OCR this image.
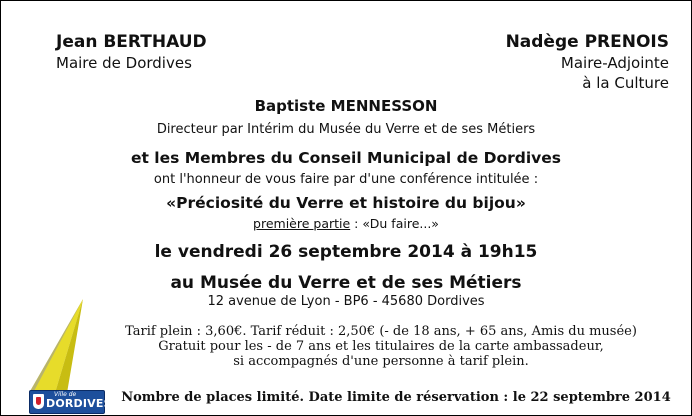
Jean BERTHAUD
Maire de Dordives
Nadège PRENOIS
Maire-Adjointe
à la Culture
Baptiste MENNESSON
Directeur par Intérim du Musée du Verre et de ses Métiers
et les Membres du Conseil Municipal de Dordives
ont l'honneur de vous faire par d'une conférence intitulée :
«Préciosité du Verre et histoire du bijou»
première partie : «Du faire...»
le vendredi 26 septembre 2014 à 19h15
au Musée du Verre et de ses Métiers
12 avenue de Lyon - BP6 - 45680 Dordives
Tarif plein : 3,60€. Tarif réduit : 2,50€ (- de 18 ans, + 65 ans, Amis du musée)
Gratuit pour les - de 7 ans et les titulaires de la carte ambassadeur,
si accompagnés d'une personne à tarif plein.
Ville de
DORDIVES Nombre de places limité. Date limite de réservation : le 22 septembre 2014
